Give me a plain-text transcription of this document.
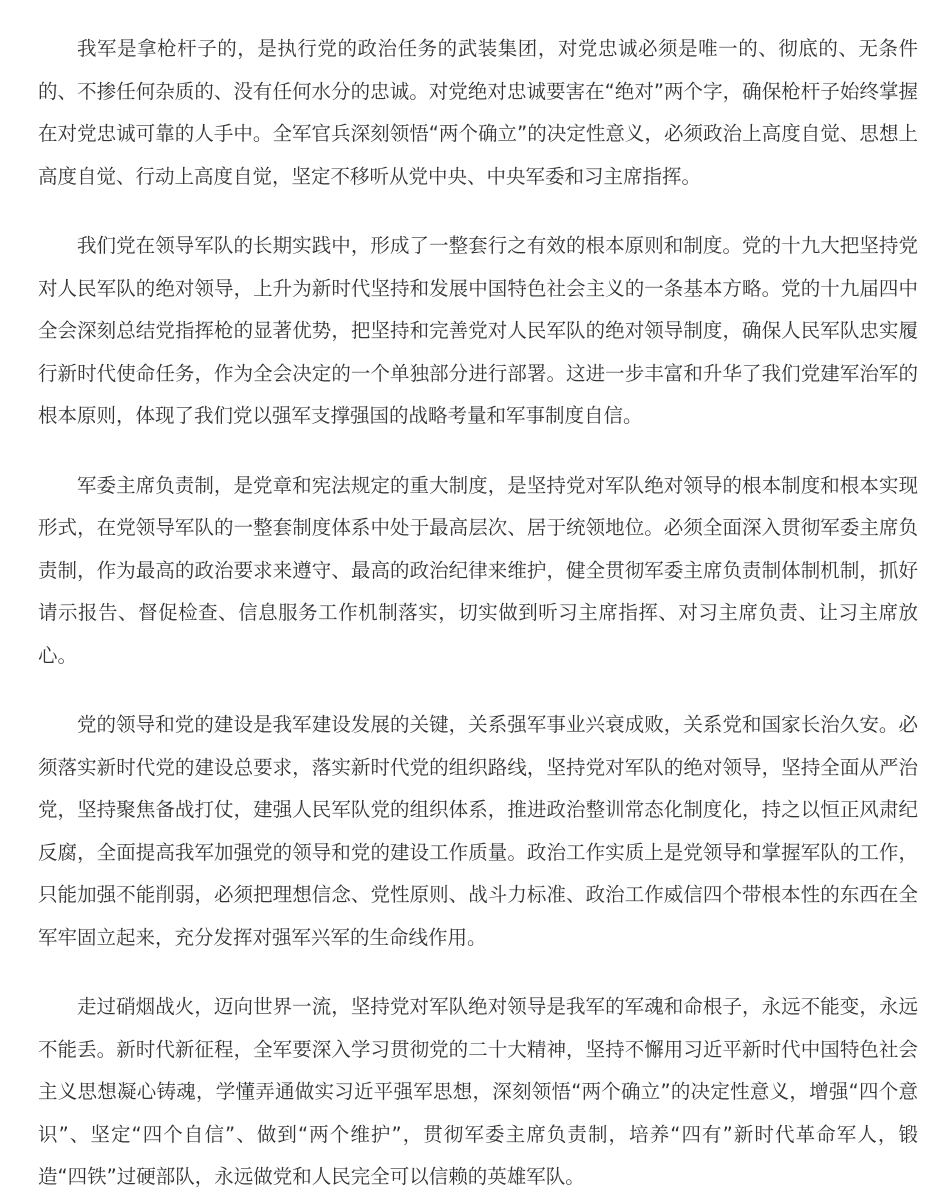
我军是拿枪杆子的，是执行党的政治任务的武装集团，对党忠诚必须是唯一的、彻底的、无条件的、不掺任何杂质的、没有任何水分的忠诚。对党绝对忠诚要害在“绝对”两个字，确保枪杆子始终掌握在对党忠诚可靠的人手中。全军官兵深刻领悟“两个确立”的决定性意义，必须政治上高度自觉、思想上高度自觉、行动上高度自觉，坚定不移听从党中央、中央军委和习主席指挥。

我们党在领导军队的长期实践中，形成了一整套行之有效的根本原则和制度。党的十九大把坚持党对人民军队的绝对领导，上升为新时代坚持和发展中国特色社会主义的一条基本方略。党的十九届四中全会深刻总结党指挥枪的显著优势，把坚持和完善党对人民军队的绝对领导制度，确保人民军队忠实履行新时代使命任务，作为全会决定的一个单独部分进行部署。这进一步丰富和升华了我们党建军治军的根本原则，体现了我们党以强军支撑强国的战略考量和军事制度自信。

军委主席负责制，是党章和宪法规定的重大制度，是坚持党对军队绝对领导的根本制度和根本实现形式，在党领导军队的一整套制度体系中处于最高层次、居于统领地位。必须全面深入贯彻军委主席负责制，作为最高的政治要求来遵守、最高的政治纪律来维护，健全贯彻军委主席负责制体制机制，抓好请示报告、督促检查、信息服务工作机制落实，切实做到听习主席指挥、对习主席负责、让习主席放心。

党的领导和党的建设是我军建设发展的关键，关系强军事业兴衰成败，关系党和国家长治久安。必须落实新时代党的建设总要求，落实新时代党的组织路线，坚持党对军队的绝对领导，坚持全面从严治党，坚持聚焦备战打仗，建强人民军队党的组织体系，推进政治整训常态化制度化，持之以恒正风肃纪反腐，全面提高我军加强党的领导和党的建设工作质量。政治工作实质上是党领导和掌握军队的工作，只能加强不能削弱，必须把理想信念、党性原则、战斗力标准、政治工作威信四个带根本性的东西在全军牢固立起来，充分发挥对强军兴军的生命线作用。

走过硝烟战火，迈向世界一流，坚持党对军队绝对领导是我军的军魂和命根子，永远不能变，永远不能丢。新时代新征程，全军要深入学习贯彻党的二十大精神，坚持不懈用习近平新时代中国特色社会主义思想凝心铸魂，学懂弄通做实习近平强军思想，深刻领悟“两个确立”的决定性意义，增强“四个意识”、坚定“四个自信”、做到“两个维护”，贯彻军委主席负责制，培养“四有”新时代革命军人，锻造“四铁”过硬部队，永远做党和人民完全可以信赖的英雄军队。
